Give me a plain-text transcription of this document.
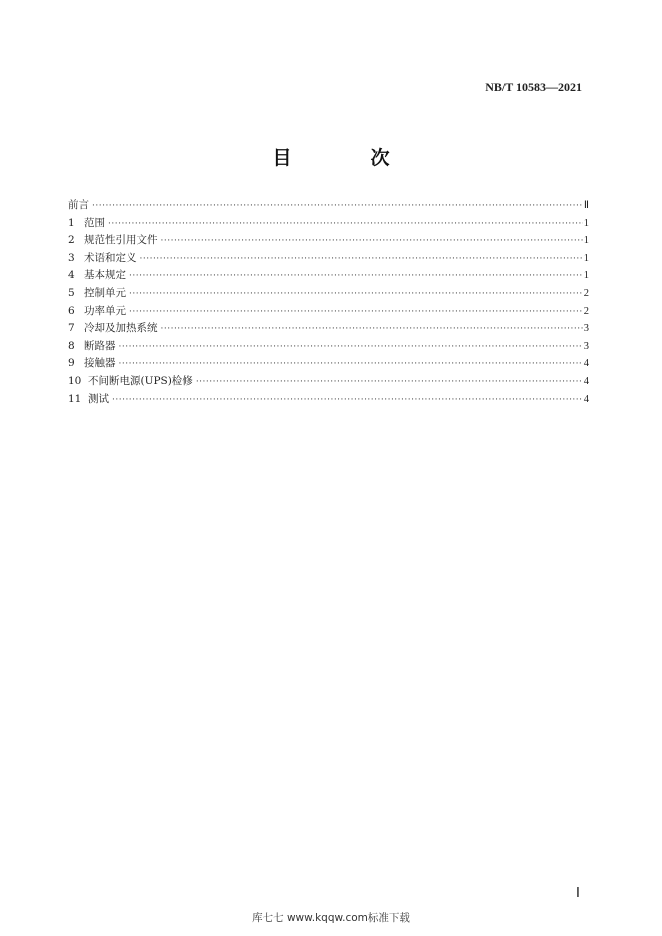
NB/T 10583—2021
目　次
前言 ·····	Ⅱ
1 范围 ·····	1
2 规范性引用文件 ·····	1
3 术语和定义 ·····	1
4 基本规定 ·····	1
5 控制单元 ·····	2
6 功率单元 ·····	2
7 冷却及加热系统 ·····	3
8 断路器 ·····	3
9 接触器 ·····	4
10 不间断电源(UPS)检修 ·····	4
11 测试 ·····	4
Ⅰ
库七七 www.kqqw.com标准下载
